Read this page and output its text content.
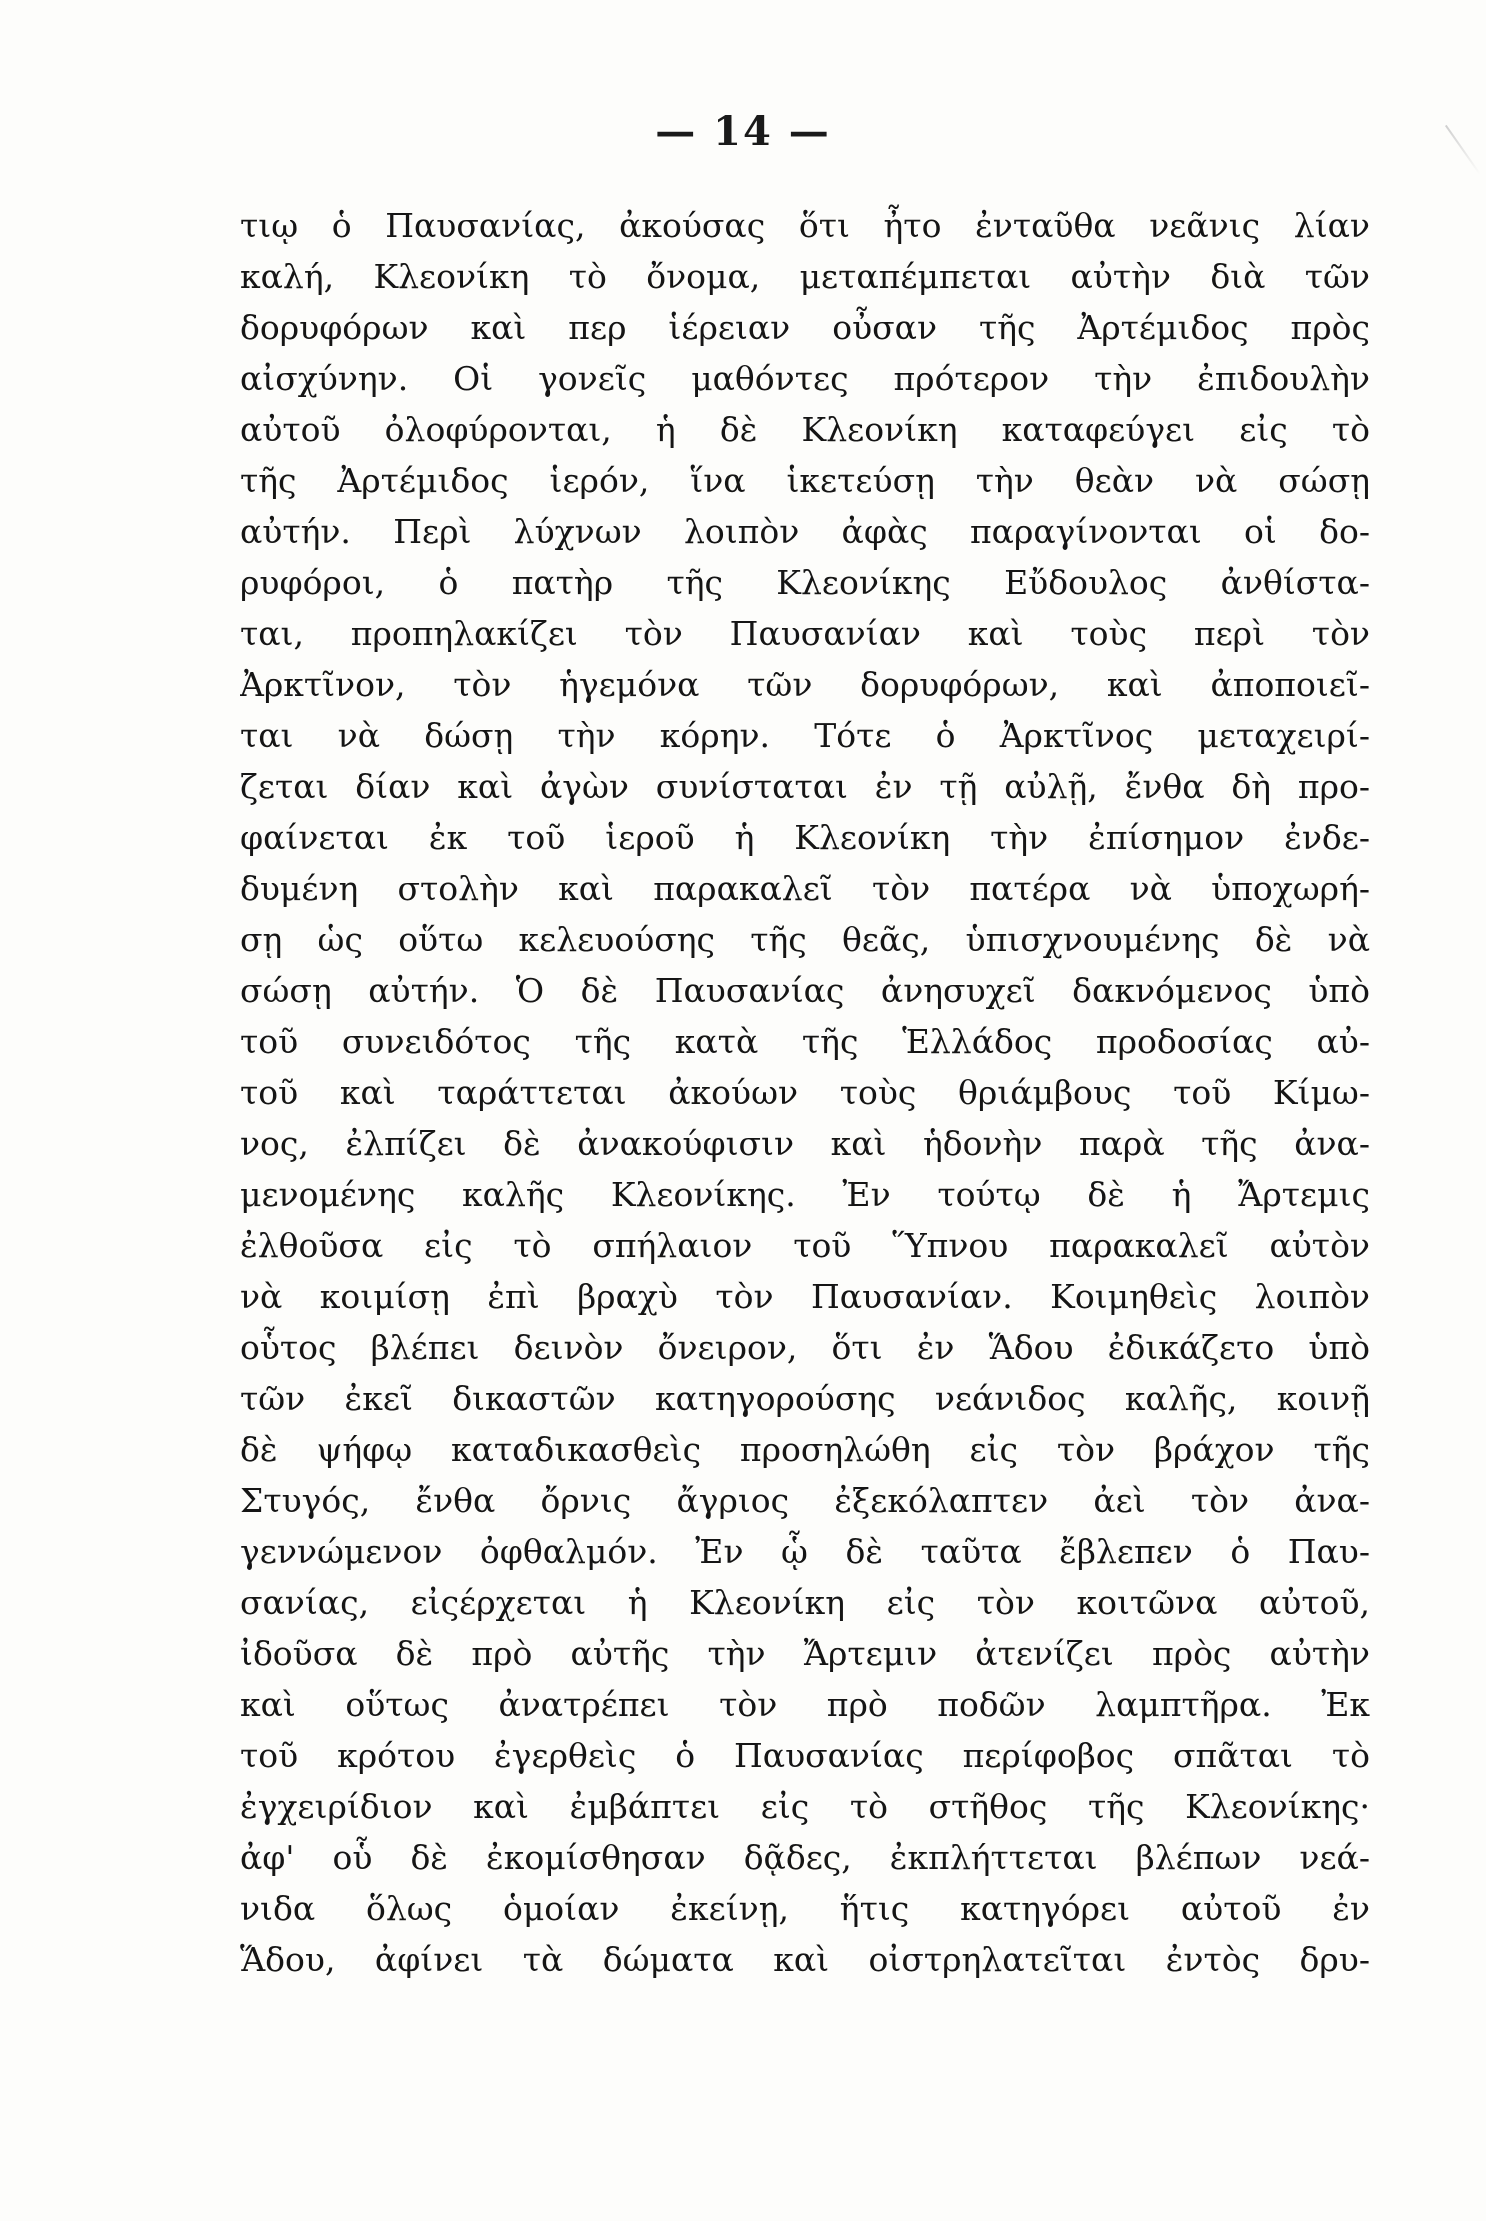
— 14 —
τιῳ ὁ Παυσανίας, ἀκούσας ὅτι ἦτο ἐνταῦθα νεᾶνις λίαν
καλή, Κλεονίκη τὸ ὄνομα, μεταπέμπεται αὐτὴν διὰ τῶν
δορυφόρων καὶ περ ἱέρειαν οὖσαν τῆς Ἀρτέμιδος πρὸς
αἰσχύνην. Οἱ γονεῖς μαθόντες πρότερον τὴν ἐπιδουλὴν
αὐτοῦ ὀλοφύρονται, ἡ δὲ Κλεονίκη καταφεύγει εἰς τὸ
τῆς Ἀρτέμιδος ἱερόν, ἵνα ἱκετεύσῃ τὴν θεὰν νὰ σώσῃ
αὐτήν. Περὶ λύχνων λοιπὸν ἀφὰς παραγίνονται οἱ δο-
ρυφόροι, ὁ πατὴρ τῆς Κλεονίκης Εὔδουλος ἀνθίστα-
ται, προπηλακίζει τὸν Παυσανίαν καὶ τοὺς περὶ τὸν
Ἀρκτῖνον, τὸν ἡγεμόνα τῶν δορυφόρων, καὶ ἀποποιεῖ-
ται νὰ δώσῃ τὴν κόρην. Τότε ὁ Ἀρκτῖνος μεταχειρί-
ζεται δίαν καὶ ἀγὼν συνίσταται ἐν τῇ αὐλῇ, ἔνθα δὴ προ-
φαίνεται ἐκ τοῦ ἱεροῦ ἡ Κλεονίκη τὴν ἐπίσημον ἐνδε-
δυμένη στολὴν καὶ παρακαλεῖ τὸν πατέρα νὰ ὑποχωρή-
σῃ ὡς οὕτω κελευούσης τῆς θεᾶς, ὑπισχνουμένης δὲ νὰ
σώσῃ αὐτήν. Ὁ δὲ Παυσανίας ἀνησυχεῖ δακνόμενος ὑπὸ
τοῦ συνειδότος τῆς κατὰ τῆς Ἑλλάδος προδοσίας αὐ-
τοῦ καὶ ταράττεται ἀκούων τοὺς θριάμβους τοῦ Κίμω-
νος, ἐλπίζει δὲ ἀνακούφισιν καὶ ἡδονὴν παρὰ τῆς ἀνα-
μενομένης καλῆς Κλεονίκης. Ἐν τούτῳ δὲ ἡ Ἄρτεμις
ἐλθοῦσα εἰς τὸ σπήλαιον τοῦ Ὕπνου παρακαλεῖ αὐτὸν
νὰ κοιμίσῃ ἐπὶ βραχὺ τὸν Παυσανίαν. Κοιμηθεὶς λοιπὸν
οὗτος βλέπει δεινὸν ὄνειρον, ὅτι ἐν Ἅδου ἐδικάζετο ὑπὸ
τῶν ἐκεῖ δικαστῶν κατηγορούσης νεάνιδος καλῆς, κοινῇ
δὲ ψήφῳ καταδικασθεὶς προσηλώθη εἰς τὸν βράχον τῆς
Στυγός, ἔνθα ὄρνις ἄγριος ἐξεκόλαπτεν ἀεὶ τὸν ἀνα-
γεννώμενον ὀφθαλμόν. Ἐν ᾧ δὲ ταῦτα ἔβλεπεν ὁ Παυ-
σανίας, εἰςέρχεται ἡ Κλεονίκη εἰς τὸν κοιτῶνα αὐτοῦ,
ἰδοῦσα δὲ πρὸ αὐτῆς τὴν Ἄρτεμιν ἀτενίζει πρὸς αὐτὴν
καὶ οὕτως ἀνατρέπει τὸν πρὸ ποδῶν λαμπτῆρα. Ἐκ
τοῦ κρότου ἐγερθεὶς ὁ Παυσανίας περίφοβος σπᾶται τὸ
ἐγχειρίδιον καὶ ἐμβάπτει εἰς τὸ στῆθος τῆς Κλεονίκης·
ἀφ' οὗ δὲ ἐκομίσθησαν δᾷδες, ἐκπλήττεται βλέπων νεά-
νιδα ὅλως ὁμοίαν ἐκείνῃ, ἥτις κατηγόρει αὐτοῦ ἐν
Ἅδου, ἀφίνει τὰ δώματα καὶ οἰστρηλατεῖται ἐντὸς δρυ-
